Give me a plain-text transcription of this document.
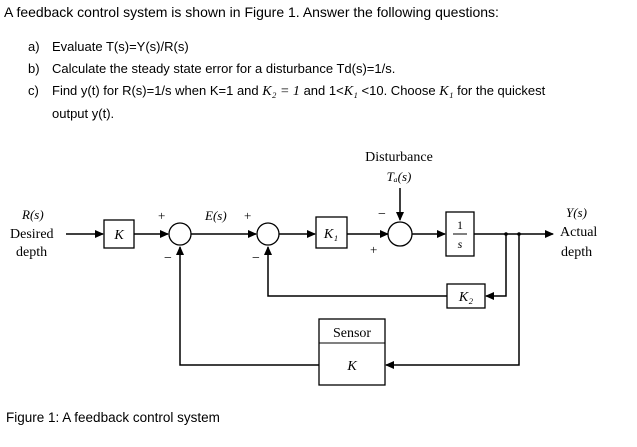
A feedback control system is shown in Figure 1. Answer the following questions:
a) Evaluate T(s)=Y(s)/R(s)
b) Calculate the steady state error for a disturbance Td(s)=1/s.
c)	Find y(t) for R(s)=1/s when K=1 and K₂ = 1 and 1<K₁ <10. Choose K₁ for the quickest
output y(t).
R(s)
Desired
depth
K
+
−
E(s) +
−
K₁
+
Disturbance
Tₐ(s)
−
1
s
Y(s)
Actual
depth
K₂
Sensor
K
Figure 1: A feedback control system
